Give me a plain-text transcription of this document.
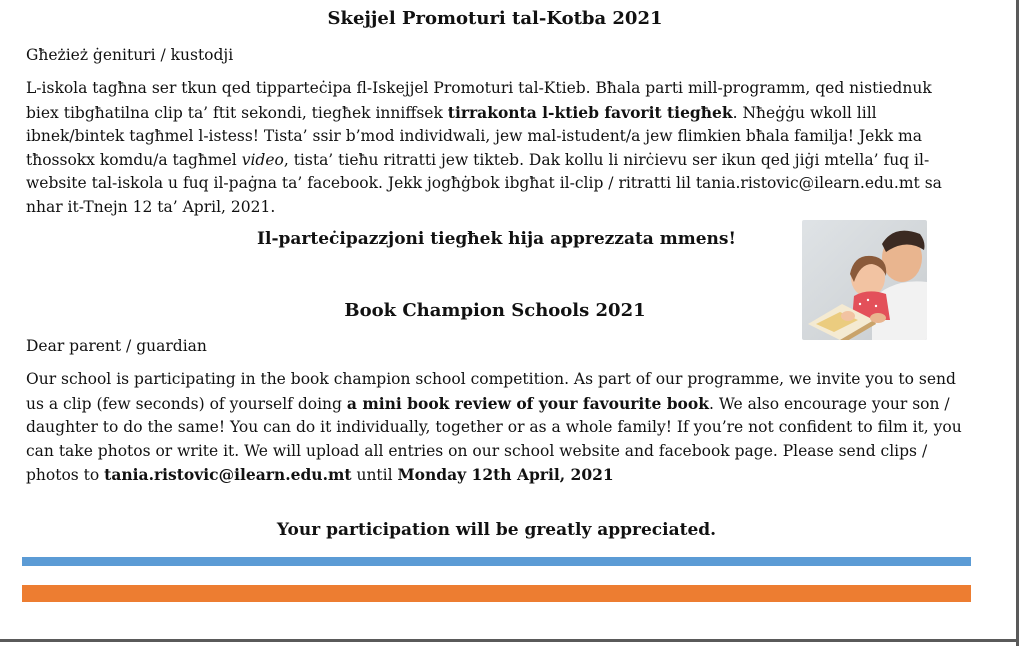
Skejjel Promoturi tal-Kotba 2021
Għeżież ġenituri / kustodji

L-iskola tagħna ser tkun qed tipparteċipa fl-Iskejjel Promoturi tal-Ktieb. Bħala parti mill-programm, qed nistiednuk biex tibgħatilna clip ta’ ftit sekondi, tiegħek inniffsek tirrakonta l-ktieb favorit tiegħek. Nħeġġu wkoll lill ibnek/bintek tagħmel l-istess! Tista’ ssir b’mod individwali, jew mal-istudent/a jew flimkien bħala familja! Jekk ma tħossokx komdu/a tagħmel video, tista’ tieħu ritratti jew tikteb. Dak kollu li nirċievu ser ikun qed jiġi mtella’ fuq il-website tal-iskola u fuq il-paġna ta’ facebook. Jekk jogħġbok ibgħat il-clip / ritratti lil tania.ristovic@ilearn.edu.mt sa nhar it-Tnejn 12 ta’ April, 2021.

Il-parteċipazzjoni tiegħek hija apprezzata mmens!
Book Champion Schools 2021
Dear parent / guardian

Our school is participating in the book champion school competition. As part of our programme, we invite you to send us a clip (few seconds) of yourself doing a mini book review of your favourite book. We also encourage your son / daughter to do the same! You can do it individually, together or as a whole family! If you’re not confident to film it, you can take photos or write it. We will upload all entries on our school website and facebook page. Please send clips / photos to tania.ristovic@ilearn.edu.mt until Monday 12th April, 2021

Your participation will be greatly appreciated.
